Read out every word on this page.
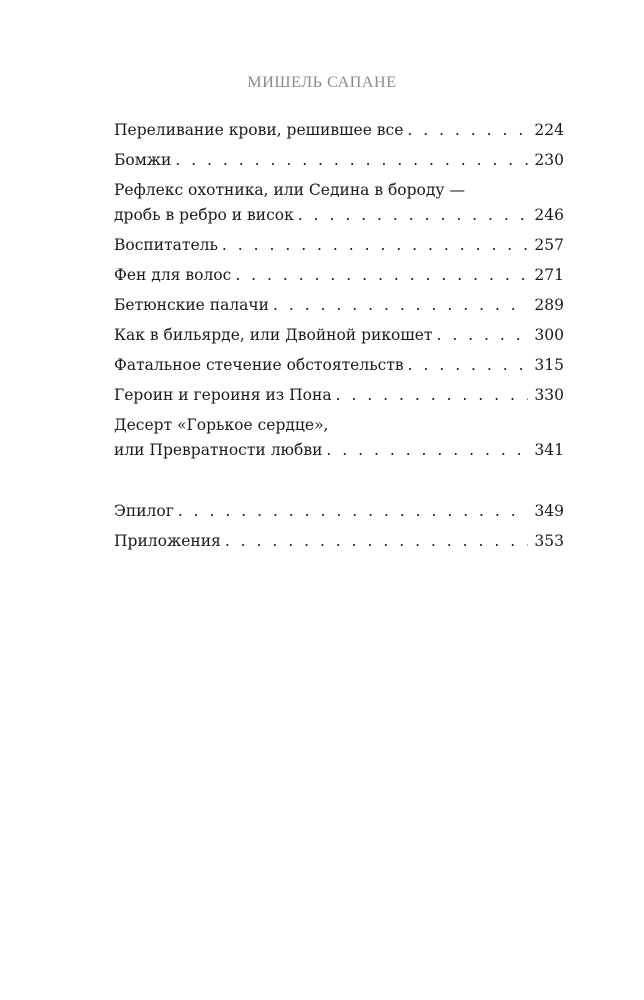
МИШЕЛЬ САПАНЕ
Переливание крови, решившее все . . .	224
Бомжи . . .	230
Рефлекс охотника, или Седина в бороду —
дробь в ребро и висок . . .	246
Воспитатель . . .	257
Фен для волос . . .	271
Бетюнские палачи . . .	289
Как в бильярде, или Двойной рикошет . . .	300
Фатальное стечение обстоятельств . . .	315
Героин и героиня из Пона . . .	330
Десерт «Горькое сердце»,
или Превратности любви . . .	341
Эпилог . . .	349
Приложения . . .	353
